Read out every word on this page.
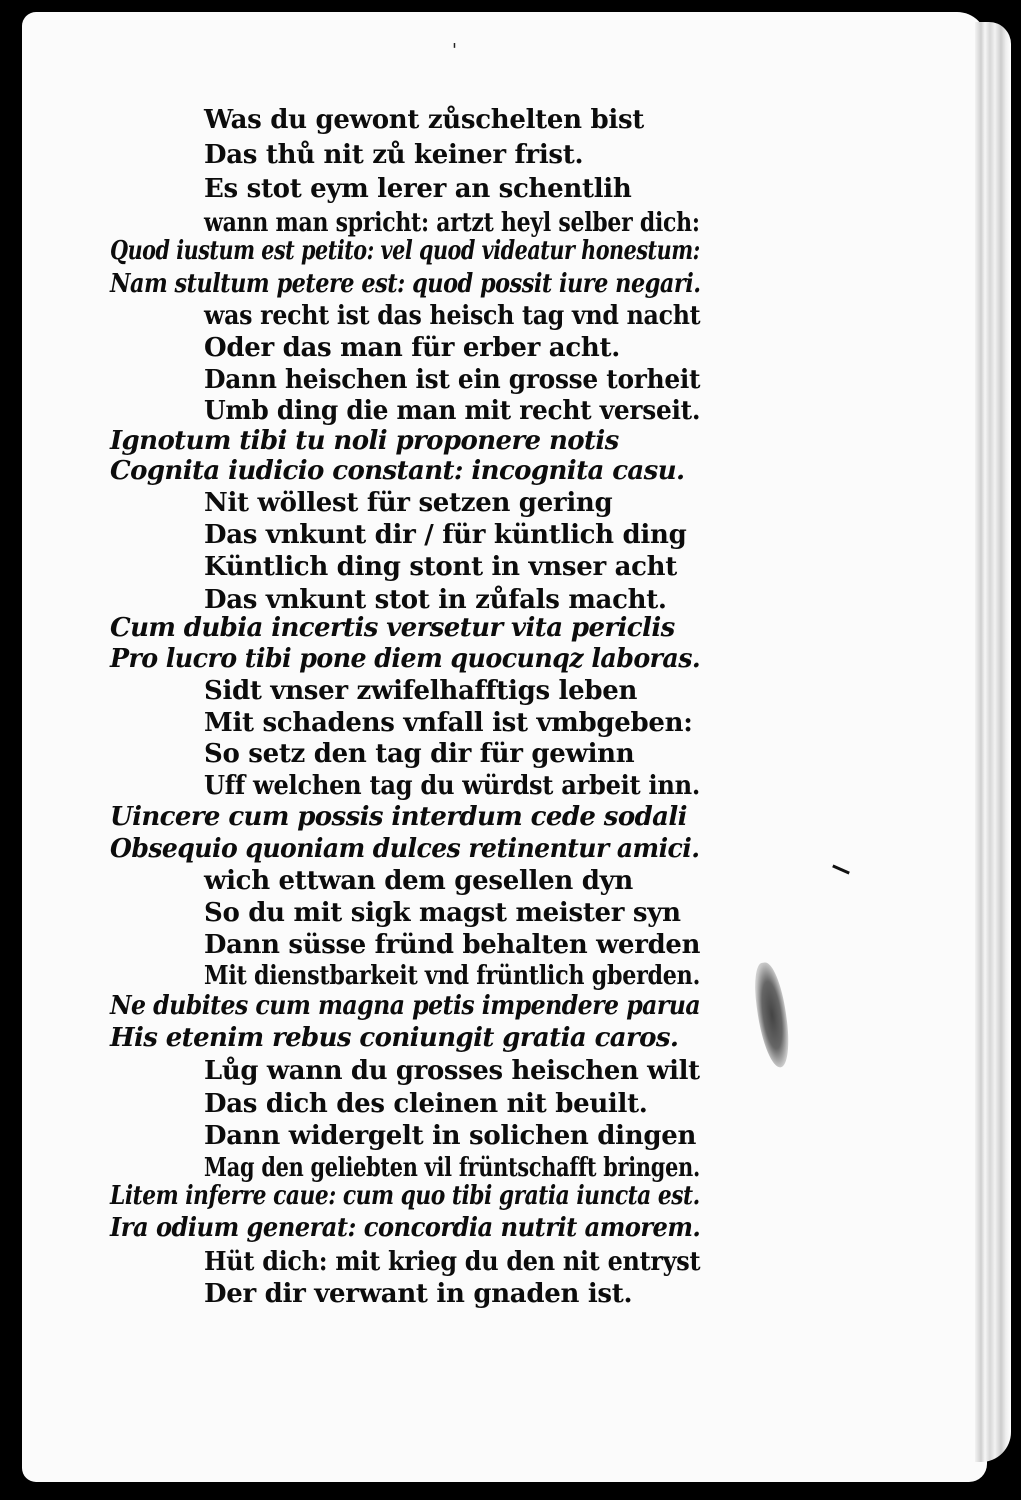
'
Was du gewont zůschelten bist
Das thů nit zů keiner frist.
Es stot eym lerer an schentlih
wann man spricht: artzt heyl selber dich:
Quod iustum est petito: vel quod videatur honestum:
Nam stultum petere est: quod possit iure negari.
was recht ist das heisch tag vnd nacht
Oder das man für erber acht.
Dann heischen ist ein grosse torheit
Umb ding die man mit recht verseit.
Ignotum tibi tu noli proponere notis
Cognita iudicio constant: incognita casu.
Nit wöllest für setzen gering
Das vnkunt dir / für küntlich ding
Küntlich ding stont in vnser acht
Das vnkunt stot in zůfals macht.
Cum dubia incertis versetur vita periclis
Pro lucro tibi pone diem quocunqz laboras.
Sidt vnser zwifelhafftigs leben
Mit schadens vnfall ist vmbgeben:
So setz den tag dir für gewinn
Uff welchen tag du würdst arbeit inn.
Uincere cum possis interdum cede sodali
Obsequio quoniam dulces retinentur amici.
wich ettwan dem gesellen dyn
So du mit sigk magst meister syn
Dann süsse fründ behalten werden
Mit dienstbarkeit vnd früntlich gberden.
Ne dubites cum magna petis impendere parua
His etenim rebus coniungit gratia caros.
Lůg wann du grosses heischen wilt
Das dich des cleinen nit beuilt.
Dann widergelt in solichen dingen
Mag den geliebten vil früntschafft bringen.
Litem inferre caue: cum quo tibi gratia iuncta est.
Ira odium generat: concordia nutrit amorem.
Hüt dich: mit krieg du den nit entryst
Der dir verwant in gnaden ist.
